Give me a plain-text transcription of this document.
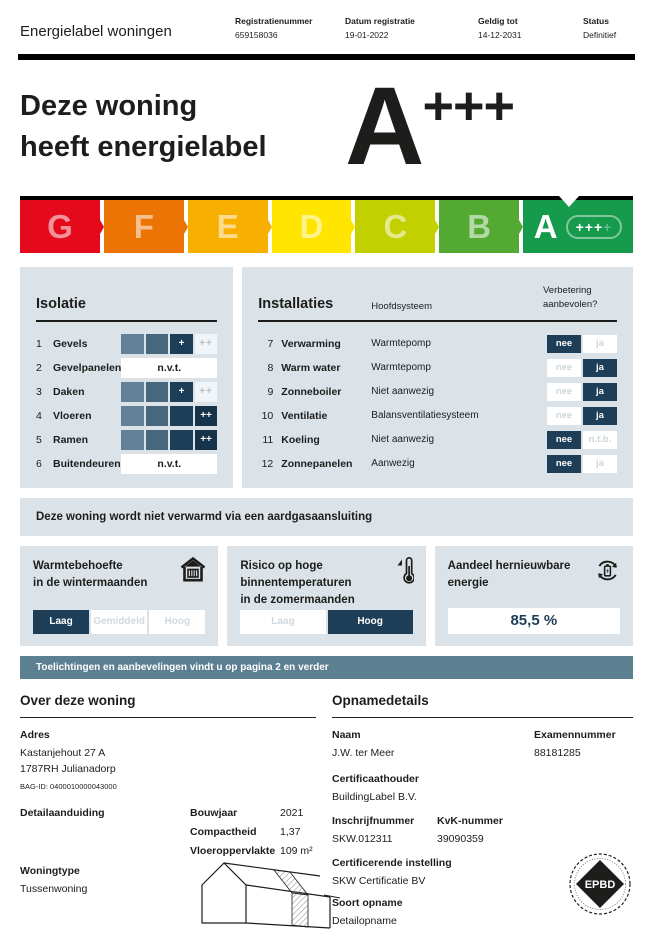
Energielabel woningen
Registratienummer
659158036
Datum registratie
19-01-2022
Geldig tot
14-12-2031
Status
Definitief
Deze woning
heeft energielabel A +++
G F E D C B A +++ +
Isolatie
1	Gevels	+	++
2	Gevelpanelen	n.v.t.
3	Daken	+	++
4	Vloeren	++
5	Ramen	++
6	Buitendeuren	n.v.t.
Installaties	Hoofdsysteem
Verbetering aanbevolen?
7 Verwarming	Warmtepomp	nee	ja
8 Warm water	Warmtepomp	nee	ja
9 Zonneboiler	Niet aanwezig	nee	ja
10 Ventilatie	Balansventilatiesysteem	nee	ja
11 Koeling	Niet aanwezig	nee	n.t.b.
12 Zonnepanelen	Aanwezig	nee	ja
Deze woning wordt niet verwarmd via een aardgasaansluiting
Warmtebehoefte
in de wintermaanden
Laag	Gemiddeld	Hoog
Risico op hoge
binnentemperaturen
in de zomermaanden
Laag	Hoog
Aandeel hernieuwbare
energie
85,5 %
Toelichtingen en aanbevelingen vindt u op pagina 2 en verder
Over deze woning
Adres
Kastanjehout 27 A
1787RH Julianadorp
BAG-ID: 0400010000043000
Detailaanduiding	Bouwjaar	2021
Compactheid	1,37
Vloeroppervlakte 109 m²
Woningtype
Tussenwoning
Opnamedetails
Naam
J.W. ter Meer
Examennummer
88181285
Certificaathouder
BuildingLabel B.V.
Inschrijfnummer
SKW.012311
KvK-nummer
39090359
Certificerende instelling
SKW Certificatie BV
Soort opname
Detailopname
EPBD
